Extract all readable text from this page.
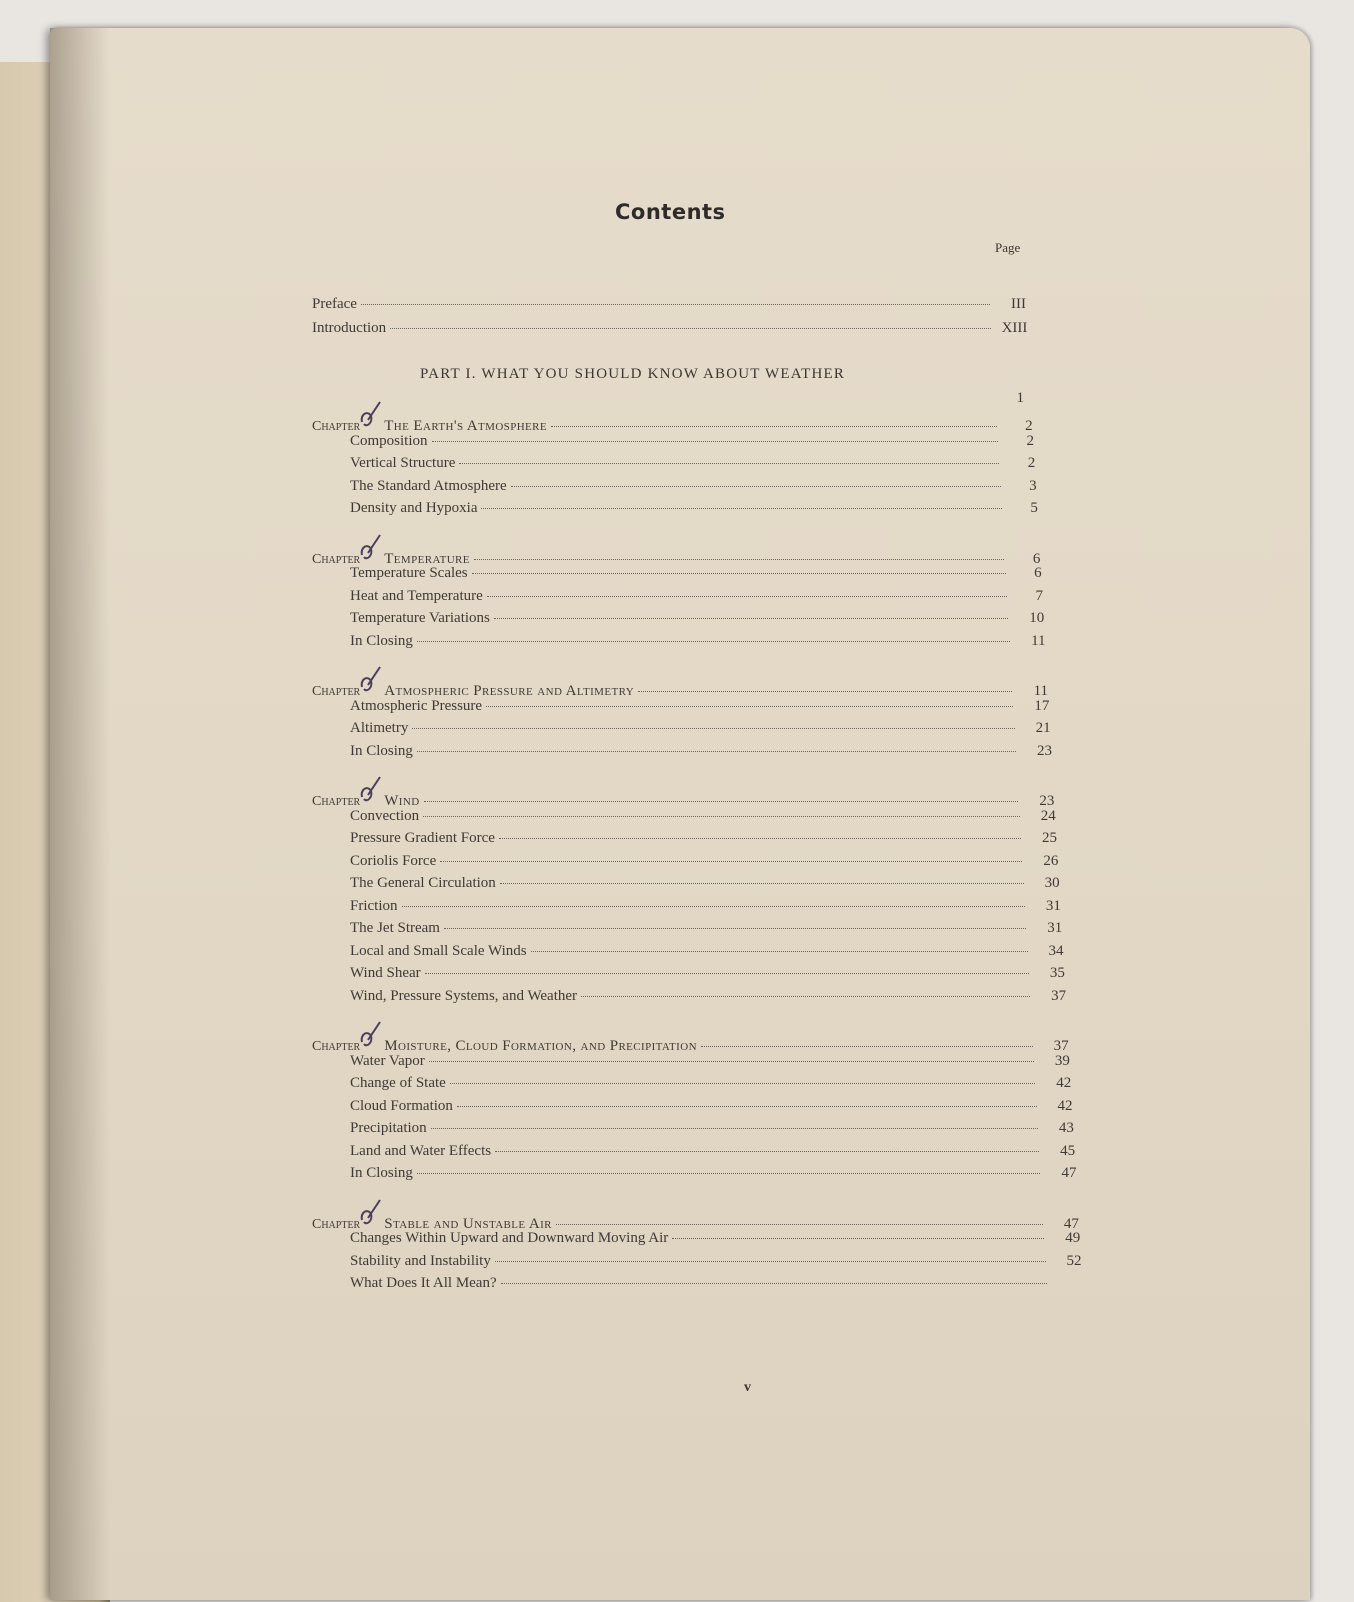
Contents
Page
Preface	III
Introduction	XIII
1
Chapter The Earth's Atmosphere	2
Composition	2
Vertical Structure	2
The Standard Atmosphere	3
Density and Hypoxia	5
Chapter Temperature	6
Temperature Scales	6
Heat and Temperature	7
Temperature Variations	10
In Closing	11
Chapter Atmospheric Pressure and Altimetry	11
Atmospheric Pressure	17
Altimetry	21
In Closing	23
Chapter Wind	23
Convection	24
Pressure Gradient Force	25
Coriolis Force	26
The General Circulation	30
Friction	31
The Jet Stream	31
Local and Small Scale Winds	34
Wind Shear	35
Wind, Pressure Systems, and Weather	37
Chapter Moisture, Cloud Formation, and Precipitation	37
Water Vapor	39
Change of State	42
Cloud Formation	42
Precipitation	43
Land and Water Effects	45
In Closing	47
Chapter Stable and Unstable Air	47
Changes Within Upward and Downward Moving Air	49
Stability and Instability	52
What Does It All Mean?
PART I. WHAT YOU SHOULD KNOW ABOUT WEATHER
v
